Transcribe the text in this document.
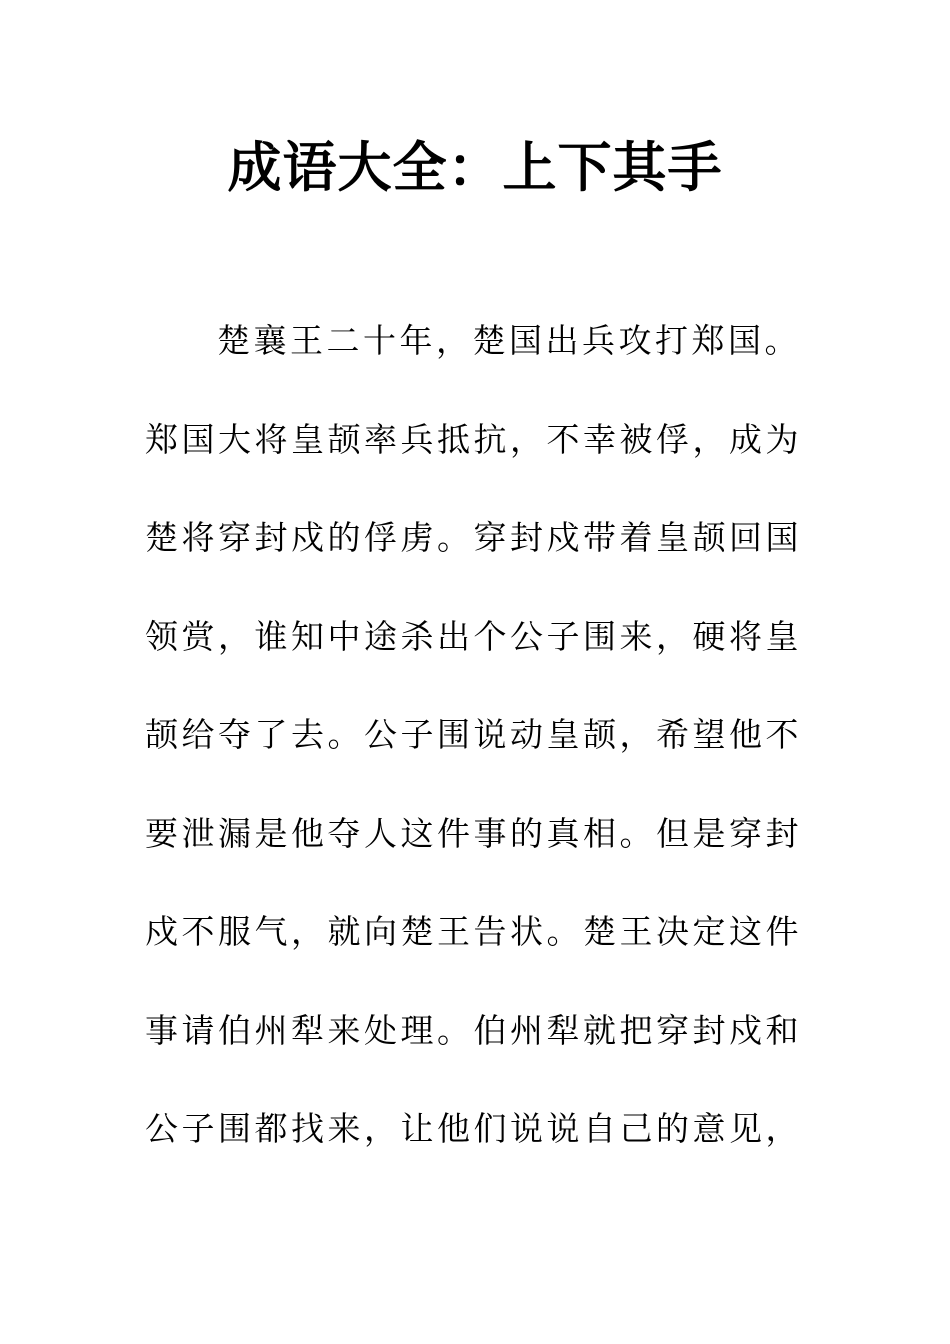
成语大全：上下其手
楚襄王二十年，楚国出兵攻打郑国。
郑国大将皇颉率兵抵抗，不幸被俘，成为
楚将穿封戍的俘虏。穿封戍带着皇颉回国
领赏，谁知中途杀出个公子围来，硬将皇
颉给夺了去。公子围说动皇颉，希望他不
要泄漏是他夺人这件事的真相。但是穿封
戍不服气，就向楚王告状。楚王决定这件
事请伯州犁来处理。伯州犁就把穿封戍和
公子围都找来，让他们说说自己的意见，
